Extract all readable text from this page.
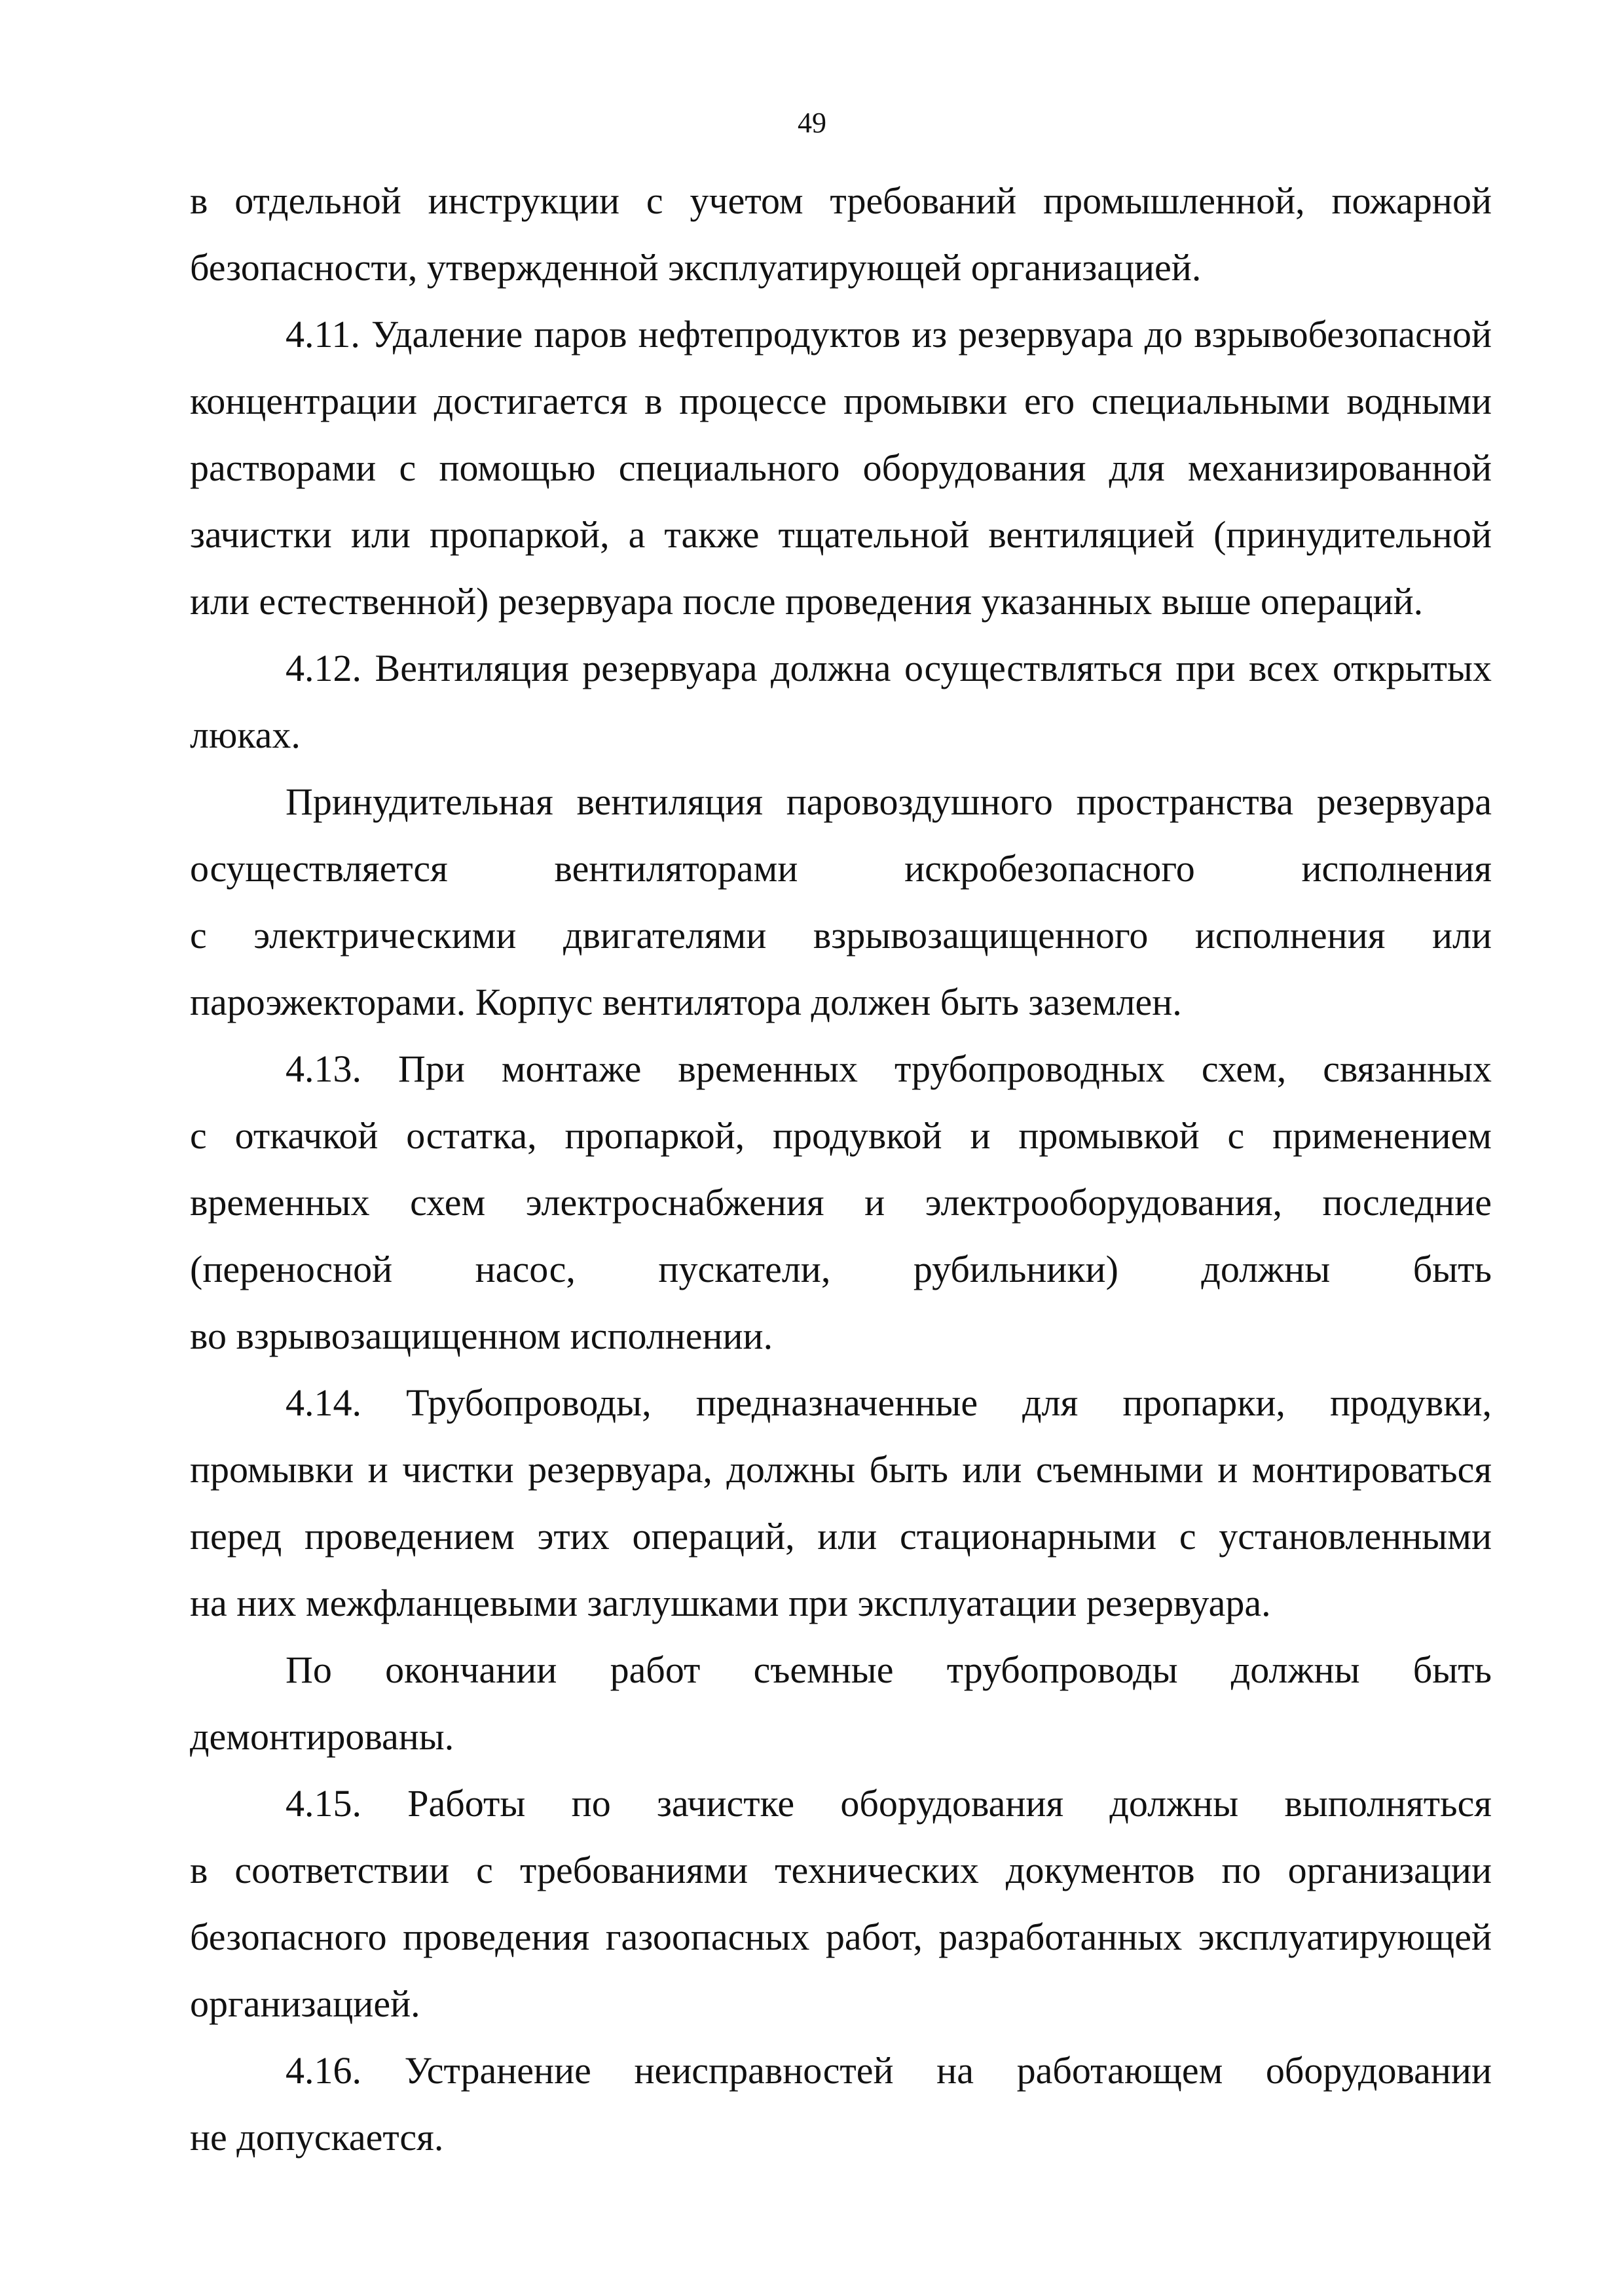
49
в отдельной инструкции с учетом требований промышленной, пожарной
безопасности, утвержденной эксплуатирующей организацией.
4.11. Удаление паров нефтепродуктов из резервуара до взрывобезопасной
концентрации достигается в процессе промывки его специальными водными
растворами с помощью специального оборудования для механизированной
зачистки или пропаркой, а также тщательной вентиляцией (принудительной
или естественной) резервуара после проведения указанных выше операций.
4.12. Вентиляция резервуара должна осуществляться при всех открытых
люках.
Принудительная вентиляция паровоздушного пространства резервуара
осуществляется вентиляторами искробезопасного исполнения
с электрическими двигателями взрывозащищенного исполнения или
пароэжекторами. Корпус вентилятора должен быть заземлен.
4.13. При монтаже временных трубопроводных схем, связанных
с откачкой остатка, пропаркой, продувкой и промывкой с применением
временных схем электроснабжения и электрооборудования, последние
(переносной насос, пускатели, рубильники) должны быть
во взрывозащищенном исполнении.
4.14. Трубопроводы, предназначенные для пропарки, продувки,
промывки и чистки резервуара, должны быть или съемными и монтироваться
перед проведением этих операций, или стационарными с установленными
на них межфланцевыми заглушками при эксплуатации резервуара.
По окончании работ съемные трубопроводы должны быть
демонтированы.
4.15. Работы по зачистке оборудования должны выполняться
в соответствии с требованиями технических документов по организации
безопасного проведения газоопасных работ, разработанных эксплуатирующей
организацией.
4.16. Устранение неисправностей на работающем оборудовании
не допускается.
